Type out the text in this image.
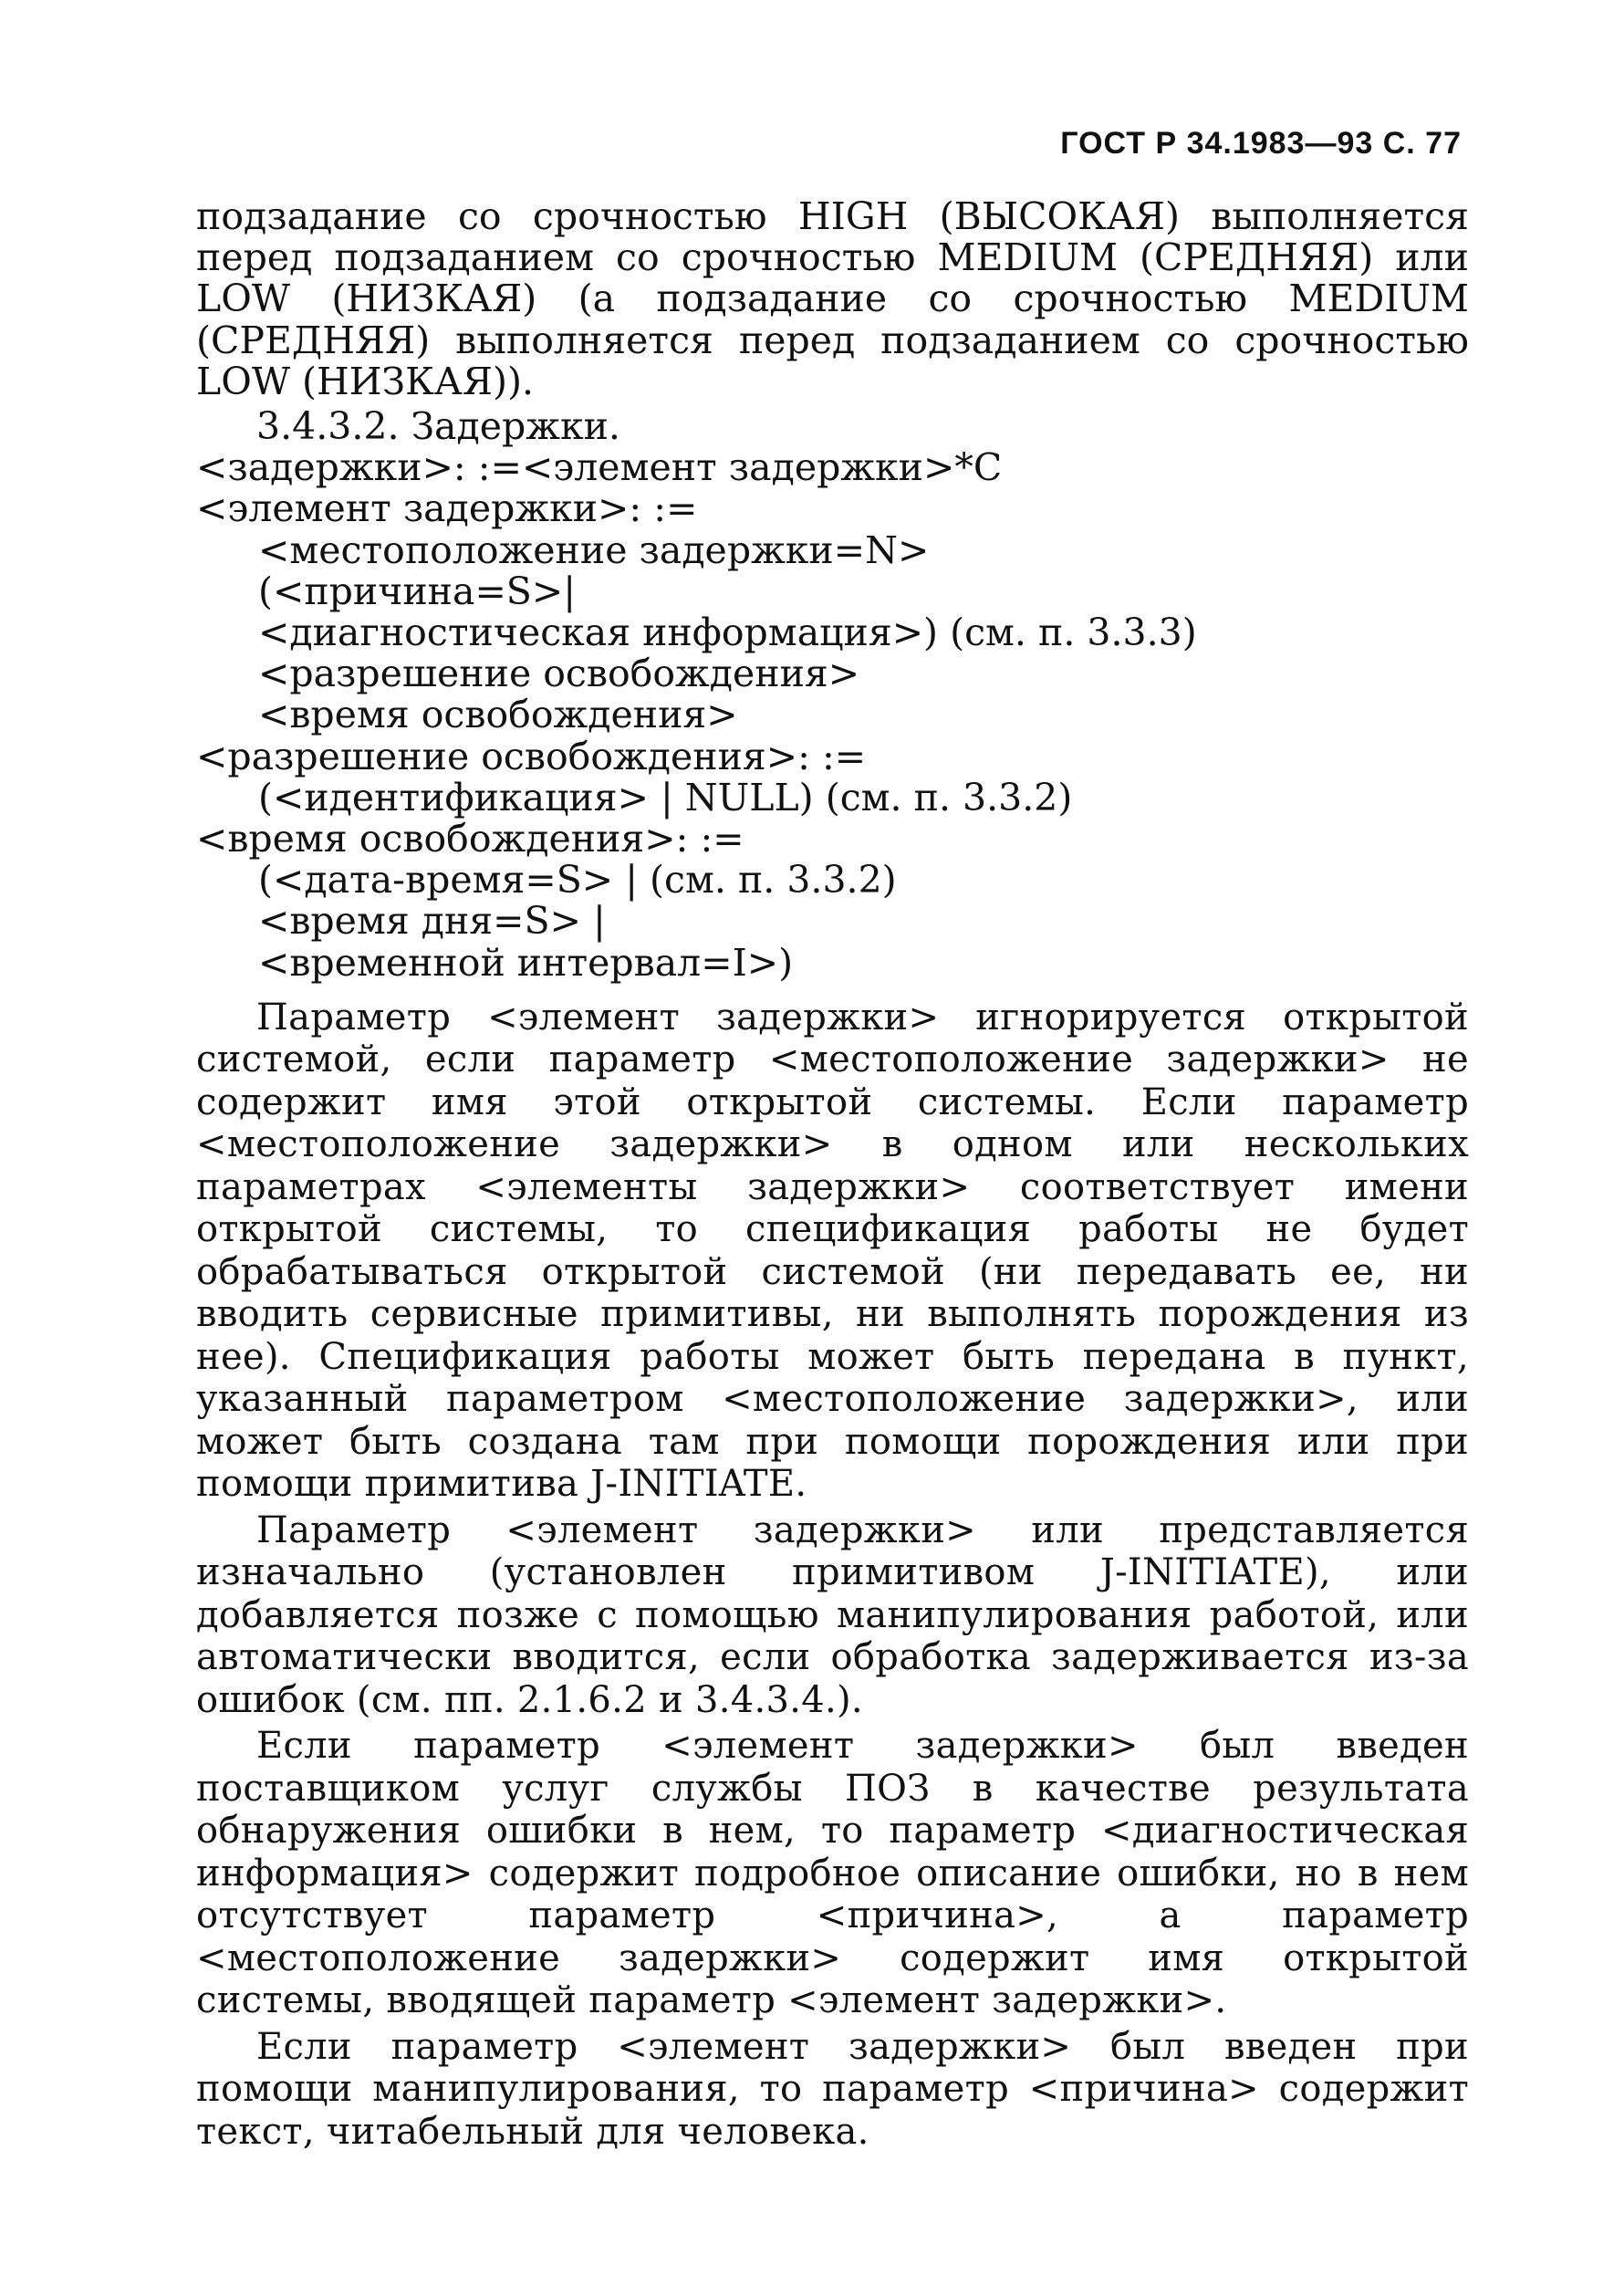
ГОСТ Р 34.1983—93 С. 77

подзадание со срочностью HIGH (ВЫСОКАЯ) выполняется перед подзаданием со срочностью MEDIUM (СРЕДНЯЯ) или LOW (НИЗКАЯ) (а подзадание со срочностью MEDIUM (СРЕДНЯЯ) выполняется перед подзаданием со срочностью LOW (НИЗКАЯ)).

3.4.3.2. Задержки.

<задержки>: :=<элемент задержки>*С

<элемент задержки>: :=

<местоположение задержки=N>

(<причина=S>|

<диагностическая информация>) (см. п. 3.3.3)

<разрешение освобождения>

<время освобождения>

<разрешение освобождения>: :=

(<идентификация> | NULL) (см. п. 3.3.2)

<время освобождения>: :=

(<дата-время=S> | (см. п. 3.3.2)

<время дня=S> |

<временной интервал=I>)

Параметр <элемент задержки> игнорируется открытой системой, если параметр <местоположение задержки> не содержит имя этой открытой системы. Если параметр <местоположение задержки> в одном или нескольких параметрах <элементы задержки> соответствует имени открытой системы, то спецификация работы не будет обрабатываться открытой системой (ни передавать ее, ни вводить сервисные примитивы, ни выполнять порождения из нее). Спецификация работы может быть передана в пункт, указанный параметром <местоположение задержки>, или может быть создана там при помощи порождения или при помощи примитива J-INITIATE.

Параметр <элемент задержки> или представляется изначально (установлен примитивом J-INITIATE), или добавляется позже с помощью манипулирования работой, или автоматически вводится, если обработка задерживается из-за ошибок (см. пп. 2.1.6.2 и 3.4.3.4.).

Если параметр <элемент задержки> был введен поставщиком услуг службы ПОЗ в качестве результата обнаружения ошибки в нем, то параметр <диагностическая информация> содержит подробное описание ошибки, но в нем отсутствует параметр <причина>, а параметр <местоположение задержки> содержит имя открытой системы, вводящей параметр <элемент задержки>.

Если параметр <элемент задержки> был введен при помощи манипулирования, то параметр <причина> содержит текст, читабельный для человека.
